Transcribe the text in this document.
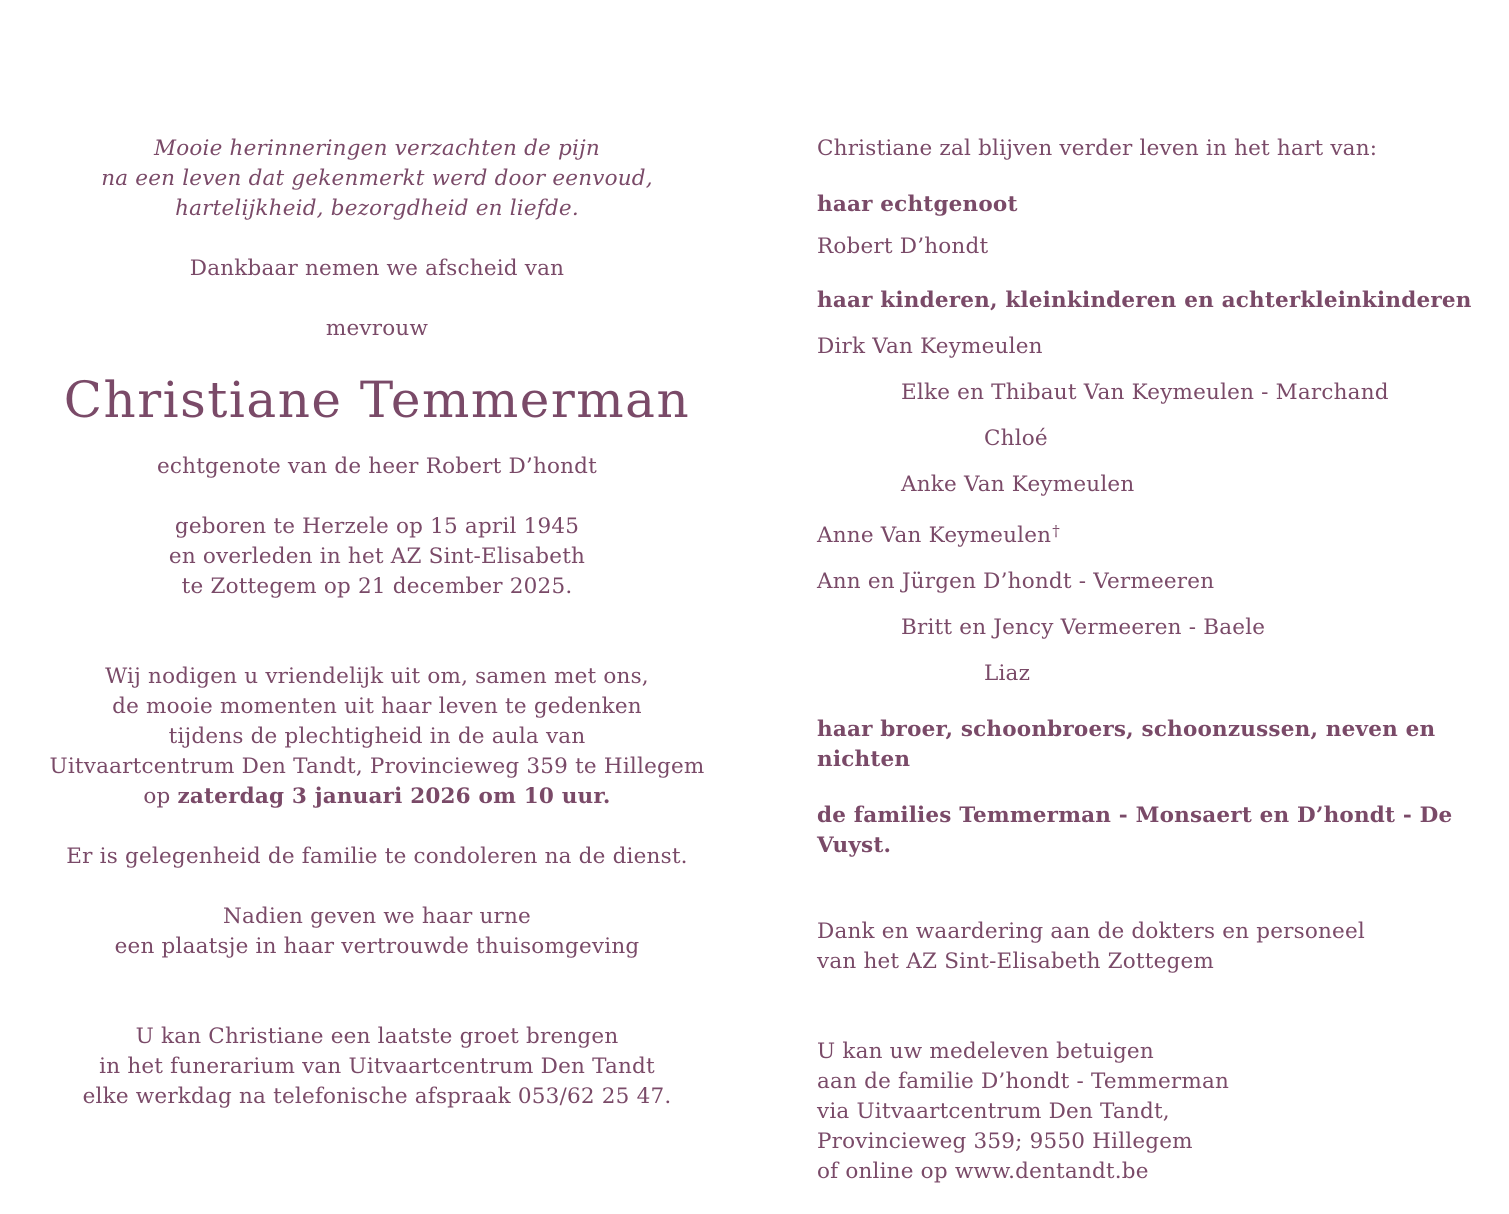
Mooie herinneringen verzachten de pijn

na een leven dat gekenmerkt werd door eenvoud,

hartelijkheid, bezorgdheid en liefde.

Dankbaar nemen we afscheid van

mevrouw

Christiane Temmerman

echtgenote van de heer Robert D’hondt

geboren te Herzele op 15 april 1945

en overleden in het AZ Sint-Elisabeth

te Zottegem op 21 december 2025.

Wij nodigen u vriendelijk uit om, samen met ons,

de mooie momenten uit haar leven te gedenken

tijdens de plechtigheid in de aula van

Uitvaartcentrum Den Tandt, Provincieweg 359 te Hillegem

op zaterdag 3 januari 2026 om 10 uur.

Er is gelegenheid de familie te condoleren na de dienst.

Nadien geven we haar urne

een plaatsje in haar vertrouwde thuisomgeving

U kan Christiane een laatste groet brengen

in het funerarium van Uitvaartcentrum Den Tandt

elke werkdag na telefonische afspraak 053/62 25 47.

Christiane zal blijven verder leven in het hart van:

haar echtgenoot

Robert D’hondt

haar kinderen, kleinkinderen en achterkleinkinderen

Dirk Van Keymeulen

Elke en Thibaut Van Keymeulen - Marchand

Chloé

Anke Van Keymeulen

Anne Van Keymeulen†

Ann en Jürgen D’hondt - Vermeeren

Britt en Jency Vermeeren - Baele

Liaz

haar broer, schoonbroers, schoonzussen, neven en nichten

de families Temmerman - Monsaert en D’hondt - De Vuyst.

Dank en waardering aan de dokters en personeel

van het AZ Sint-Elisabeth Zottegem

U kan uw medeleven betuigen

aan de familie D’hondt - Temmerman

via Uitvaartcentrum Den Tandt,

Provincieweg 359; 9550 Hillegem

of online op www.dentandt.be
